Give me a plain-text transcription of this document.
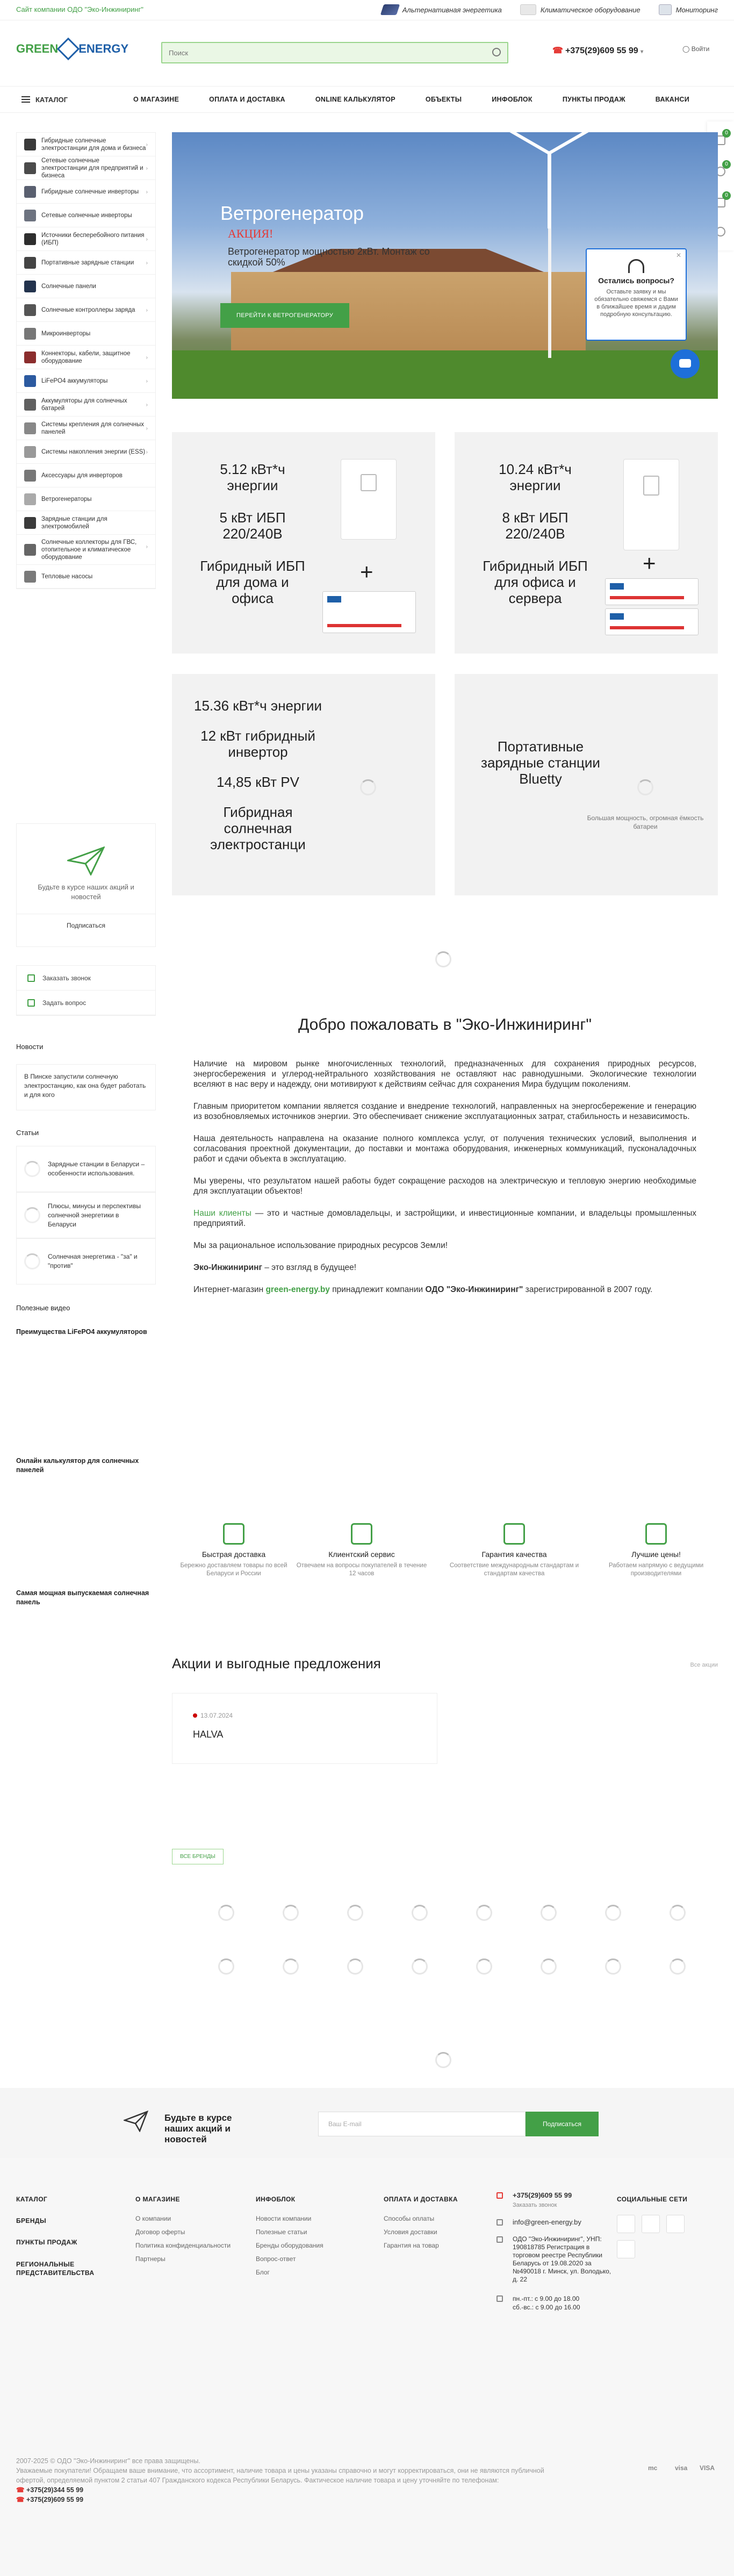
Сайт компании ОДО "Эко-Инжиниринг"	Альтернативная энергетика	Климатическое оборудование	Мониторинг
GREEN ENERGY
Поиск	☎ +375(29)609 55 99 ▾	◯ Войти
КАТАЛОГ	О МАГАЗИНЕ	ОПЛАТА И ДОСТАВКА	ONLINE КАЛЬКУЛЯТОР	ОБЪЕКТЫ	ИНФОБЛОК	ПУНКТЫ ПРОДАЖ	ВАКАНСИ
0
0
0
Гибридные солнечные электростанции для дома и бизнеса ›
Сетевые солнечные электростанции для предприятий и бизнеса
›
Гибридные солнечные инверторы ›
Сетевые солнечные инверторы
Источники бесперебойного питания (ИБП)	›
Портативные зарядные станции ›
Солнечные панели
Солнечные контроллеры заряда ›
Микроинверторы
Коннекторы, кабели, защитное оборудование	›
LiFePO4 аккумуляторы	›
Аккумуляторы для солнечных батарей	›
Системы крепления для солнечных панелей	›
Системы накопления энергии (ESS) ›
Аксессуары для инверторов
Ветрогенераторы
Зарядные станции для электромобилей
Солнечные коллекторы для ГВС, отопительное и климатическое оборудование
›
Тепловые насосы
Будьте в курсе наших акций и новостей
Подписаться
Заказать звонок
Задать вопрос
Новости
В Пинске запустили солнечную электростанцию, как она будет работать и для кого
Статьи
Зарядные станции в Беларуси – особенности использования.
Плюсы, минусы и перспективы солнечной энергетики в Беларуси
Солнечная энергетика - "за" и "против"
Полезные видео
Преимущества LiFePO4 аккумуляторов
Онлайн калькулятор для солнечных панелей
Самая мощная выпускаемая солнечная панель
Ветрогенератор
АКЦИЯ!
Ветрогенератор мощностью 2кВт. Монтаж со скидкой 50%
ПЕРЕЙТИ К ВЕТРОГЕНЕРАТОРУ
✕
Остались вопросы?
Оставьте заявку и мы обязательно свяжемся с Вами в ближайшее время и дадим подробную консультацию.

5.12 кВт*ч энергии

5 кВт ИБП 220/240В

Гибридный ИБП для дома и офиса

+

10.24 кВт*ч энергии

8 кВт ИБП 220/240В

Гибридный ИБП для офиса и сервера

+

15.36 кВт*ч энергии

12 кВт гибридный инвертор

14,85 кВт PV

Гибридная солнечная электростанци

Портативные зарядные станции Bluetty

Большая мощность, огромная ёмкость батареи
Добро пожаловать в "Эко-Инжиниринг"

Наличие на мировом рынке многочисленных технологий, предназначенных для сохранения природных ресурсов, энергосбережения и углерод-нейтрального хозяйствования не оставляют нас равнодушными. Экологические технологии вселяют в нас веру и надежду, они мотивируют к действиям сейчас для сохранения Мира будущим поколениям.

Главным приоритетом компании является создание и внедрение технологий, направленных на энергосбережение и генерацию из возобновляемых источников энергии. Это обеспечивает снижение эксплуатационных затрат, стабильность и независимость.

Наша деятельность направлена на оказание полного комплекса услуг, от получения технических условий, выполнения и согласования проектной документации, до поставки и монтажа оборудования, инженерных коммуникаций, пусконаладочных работ и сдачи объекта в эксплуатацию.

Мы уверены, что результатом нашей работы будет сокращение расходов на электрическую и тепловую энергию необходимые для эксплуатации объектов!

Наши клиенты — это и частные домовладельцы, и застройщики, и инвестиционные компании, и владельцы промышленных предприятий.

Мы за рациональное использование природных ресурсов Земли!

Эко-Инжиниринг – это взгляд в будущее!

Интернет-магазин green-energy.by принадлежит компании ОДО "Эко-Инжиниринг" зарегистрированной в 2007 году.

Быстрая доставка
Бережно доставляем товары по всей Беларуси и России
Клиентский сервис
Отвечаем на вопросы покупателей в течение 12 часов
Гарантия качества
Соответствие международным стандартам и стандартам качества
Лучшие цены!
Работаем напрямую с ведущими производителями
Акции и выгодные предложения	Все акции
13.07.2024
HALVA
ВСЕ БРЕНДЫ
Будьте в курсе наших акций и новостей
Ваш E-mail	Подписаться
КАТАЛОГ
БРЕНДЫ
ПУНКТЫ ПРОДАЖ
РЕГИОНАЛЬНЫЕ ПРЕДСТАВИТЕЛЬСТВА
О МАГАЗИНЕ
О компании
Договор оферты
Политика конфиденциальности
Партнеры
ИНФОБЛОК
Новости компании
Полезные статьи
Бренды оборудования
Вопрос-ответ
Блог
ОПЛАТА И ДОСТАВКА
Способы оплаты
Условия доставки
Гарантия на товар
+375(29)609 55 99
Заказать звонок
info@green-energy.by
ОДО "Эко-Инжиниринг", УНП: 190818785 Регистрация в торговом реестре Республики Беларусь от 19.08.2020 за №490018 г. Минск, ул. Володько, д. 22
пн.-пт.: с 9.00 до 18.00
сб.-вс.: с 9.00 до 16.00
СОЦИАЛЬНЫЕ СЕТИ
2007-2025 © ОДО "Эко-Инжиниринг" все права защищены.
Уважаемые покупатели! Обращаем ваше внимание, что ассортимент, наличие товара и цены указаны справочно и могут корректироваться, они не являются публичной офертой, определяемой пунктом 2 статьи 407 Гражданского кодекса Республики Беларусь. Фактическое наличие товара и цену уточняйте по телефонам:
☎ +375(29)344 55 99
☎ +375(29)609 55 99
mc	visa VISA
